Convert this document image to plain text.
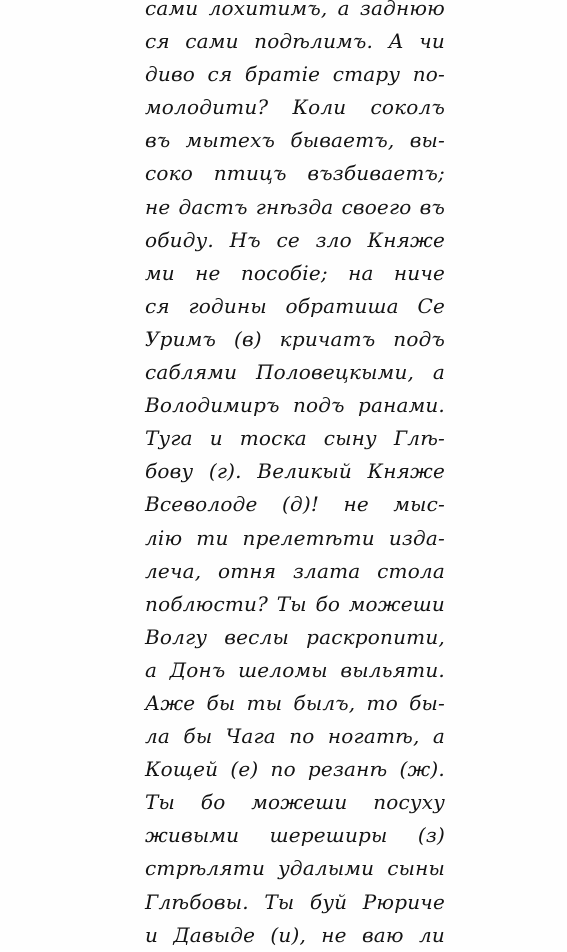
сами лохитимъ, а заднюю
ся сами подѣлимъ. А чи
диво ся братіе стару по-
молодити? Коли соколъ
въ мытехъ бываетъ, вы-
соко птицъ възбиваетъ;
не дастъ гнѣзда своего въ
обиду. Нъ се зло Княже
ми не пособіе; на ниче
ся годины обратиша Се
Уримъ (в) кричатъ подъ
саблями Половецкыми, а
Володимиръ подъ ранами.
Туга и тоска сыну Глѣ-
бову (г). Великый Княже
Всеволоде (д)! не мыс-
лію ти прелетѣти изда-
леча, отня злата стола
поблюсти? Ты бо можеши
Волгу веслы раскропити,
а Донъ шеломы выльяти.
Аже бы ты былъ, то бы-
ла бы Чага по ногатѣ, а
Кощей (е) по резанѣ (ж).
Ты бо можеши посуху
живыми шереширы (з)
стрѣляти удалыми сыны
Глѣбовы. Ты буй Рюриче
и Давыде (и), не ваю ли
